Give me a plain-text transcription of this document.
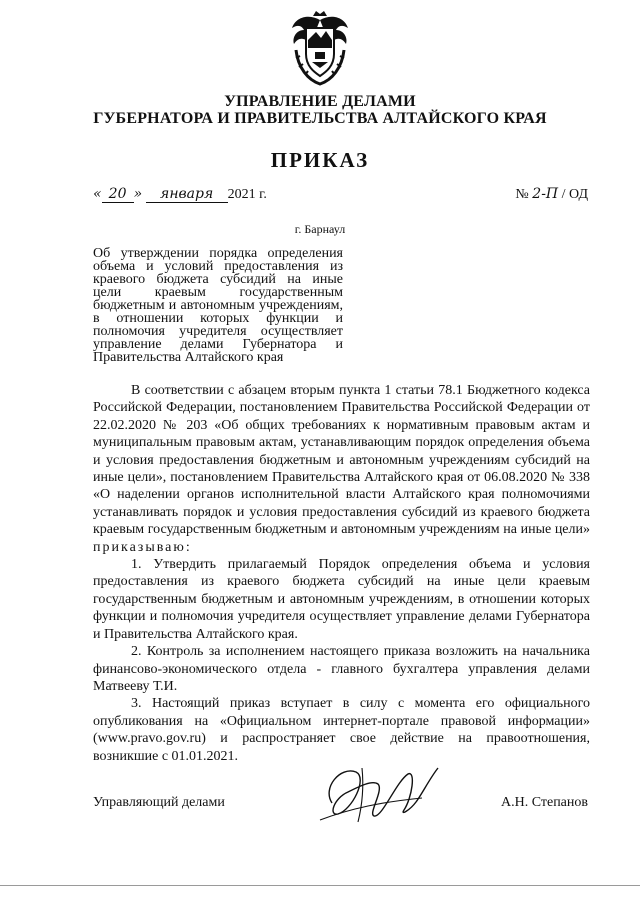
УПРАВЛЕНИЕ ДЕЛАМИ
ГУБЕРНАТОРА И ПРАВИТЕЛЬСТВА АЛТАЙСКОГО КРАЯ
ПРИКАЗ
« 20 » января 2021 г.	№ 2-П / ОД
г. Барнаул
Об утверждении порядка определения объема и условий предоставления из краевого бюджета субсидий на иные цели краевым государственным бюджетным и автономным учреждениям, в отношении которых функции и полномочия учредителя осуществляет управление делами Губернатора и Правительства Алтайского края

В соответствии с абзацем вторым пункта 1 статьи 78.1 Бюджетного кодекса Российской Федерации, постановлением Правительства Российской Федерации от 22.02.2020 № 203 «Об общих требованиях к нормативным правовым актам и муниципальным правовым актам, устанавливающим порядок определения объема и условия предоставления бюджетным и автономным учреждениям субсидий на иные цели», постановлением Правительства Алтайского края от 06.08.2020 № 338 «О наделении органов исполнительной власти Алтайского края полномочиями устанавливать порядок и условия предоставления субсидий из краевого бюджета краевым государственным бюджетным и автономным учреждениям на иные цели» приказываю:

1. Утвердить прилагаемый Порядок определения объема и условия предоставления из краевого бюджета субсидий на иные цели краевым государственным бюджетным и автономным учреждениям, в отношении которых функции и полномочия учредителя осуществляет управление делами Губернатора и Правительства Алтайского края.

2. Контроль за исполнением настоящего приказа возложить на начальника финансово-экономического отдела - главного бухгалтера управления делами Матвееву Т.И.

3. Настоящий приказ вступает в силу с момента его официального опубликования на «Официальном интернет-портале правовой информации» (www.pravo.gov.ru) и распространяет свое действие на правоотношения, возникшие с 01.01.2021.

Управляющий делами	А.Н. Степанов
